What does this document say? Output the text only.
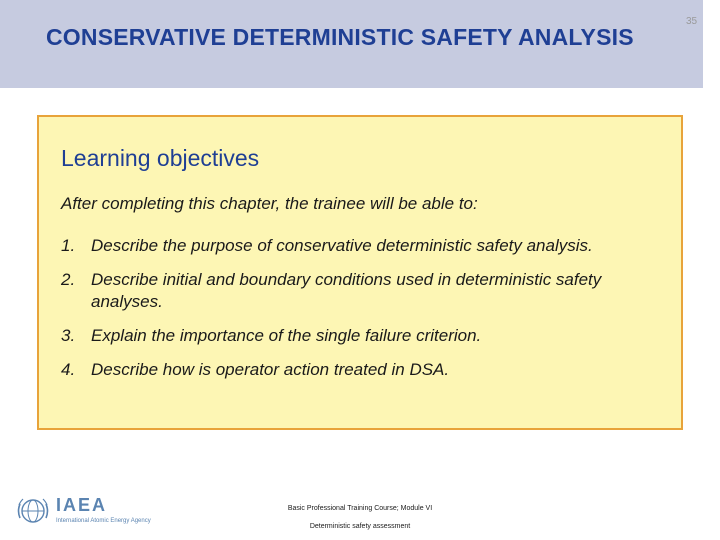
CONSERVATIVE DETERMINISTIC SAFETY ANALYSIS
35
Learning objectives

After completing this chapter, the trainee will be able to:

1. Describe the purpose of conservative deterministic safety analysis.
2. Describe initial and boundary conditions used in deterministic safety analyses.
3. Explain the importance of the single failure criterion.
4. Describe how is operator action treated in DSA.
IAEA
International Atomic Energy Agency
Basic Professional Training Course; Module VI
Deterministic safety assessment
